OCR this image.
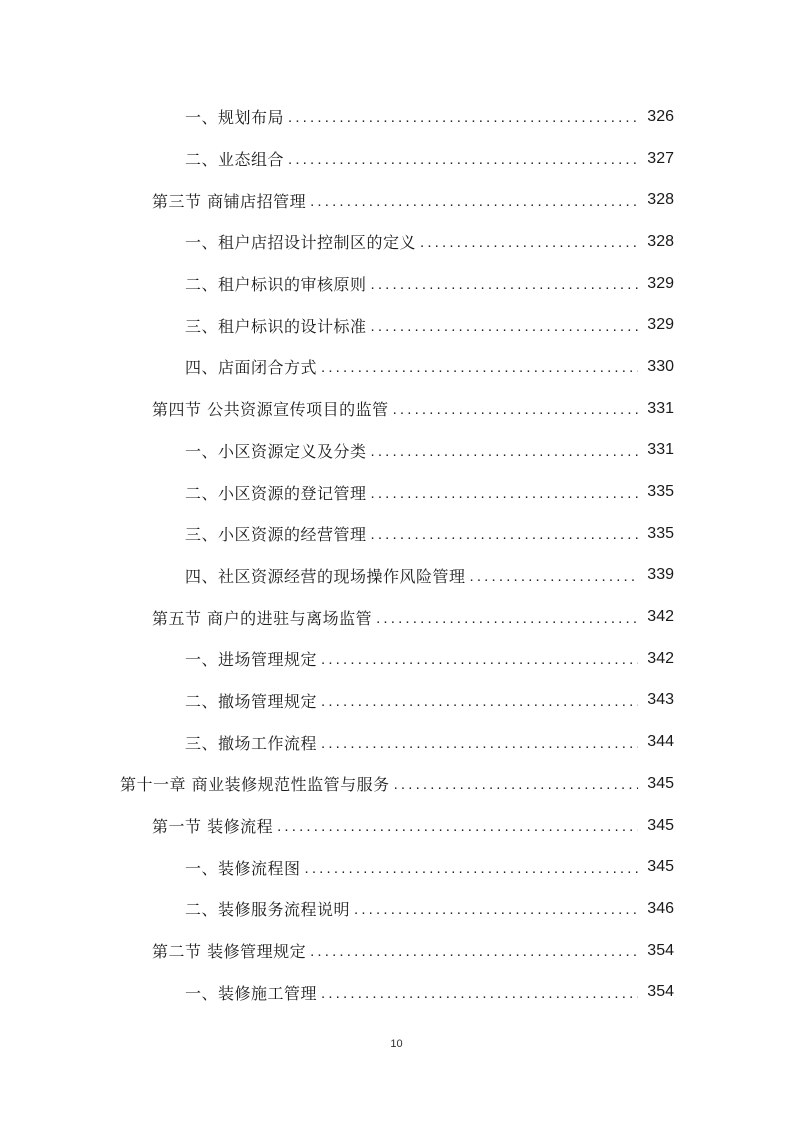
一、规划布局 . . .	326
二、业态组合 . . .	327
第三节 商铺店招管理 . . .	328
一、租户店招设计控制区的定义 . . .	328
二、租户标识的审核原则 . . .	329
三、租户标识的设计标准 . . .	329
四、店面闭合方式 . . .	330
第四节 公共资源宣传项目的监管 . . .	331
一、小区资源定义及分类 . . .	331
二、小区资源的登记管理 . . .	335
三、小区资源的经营管理 . . .	335
四、社区资源经营的现场操作风险管理 . . .	339
第五节 商户的进驻与离场监管 . . .	342
一、进场管理规定 . . .	342
二、撤场管理规定 . . .	343
三、撤场工作流程 . . .	344
第十一章 商业装修规范性监管与服务 . . .	345
第一节 装修流程 . . .	345
一、装修流程图 . . .	345
二、装修服务流程说明 . . .	346
第二节 装修管理规定 . . .	354
一、装修施工管理 . . .	354
10
